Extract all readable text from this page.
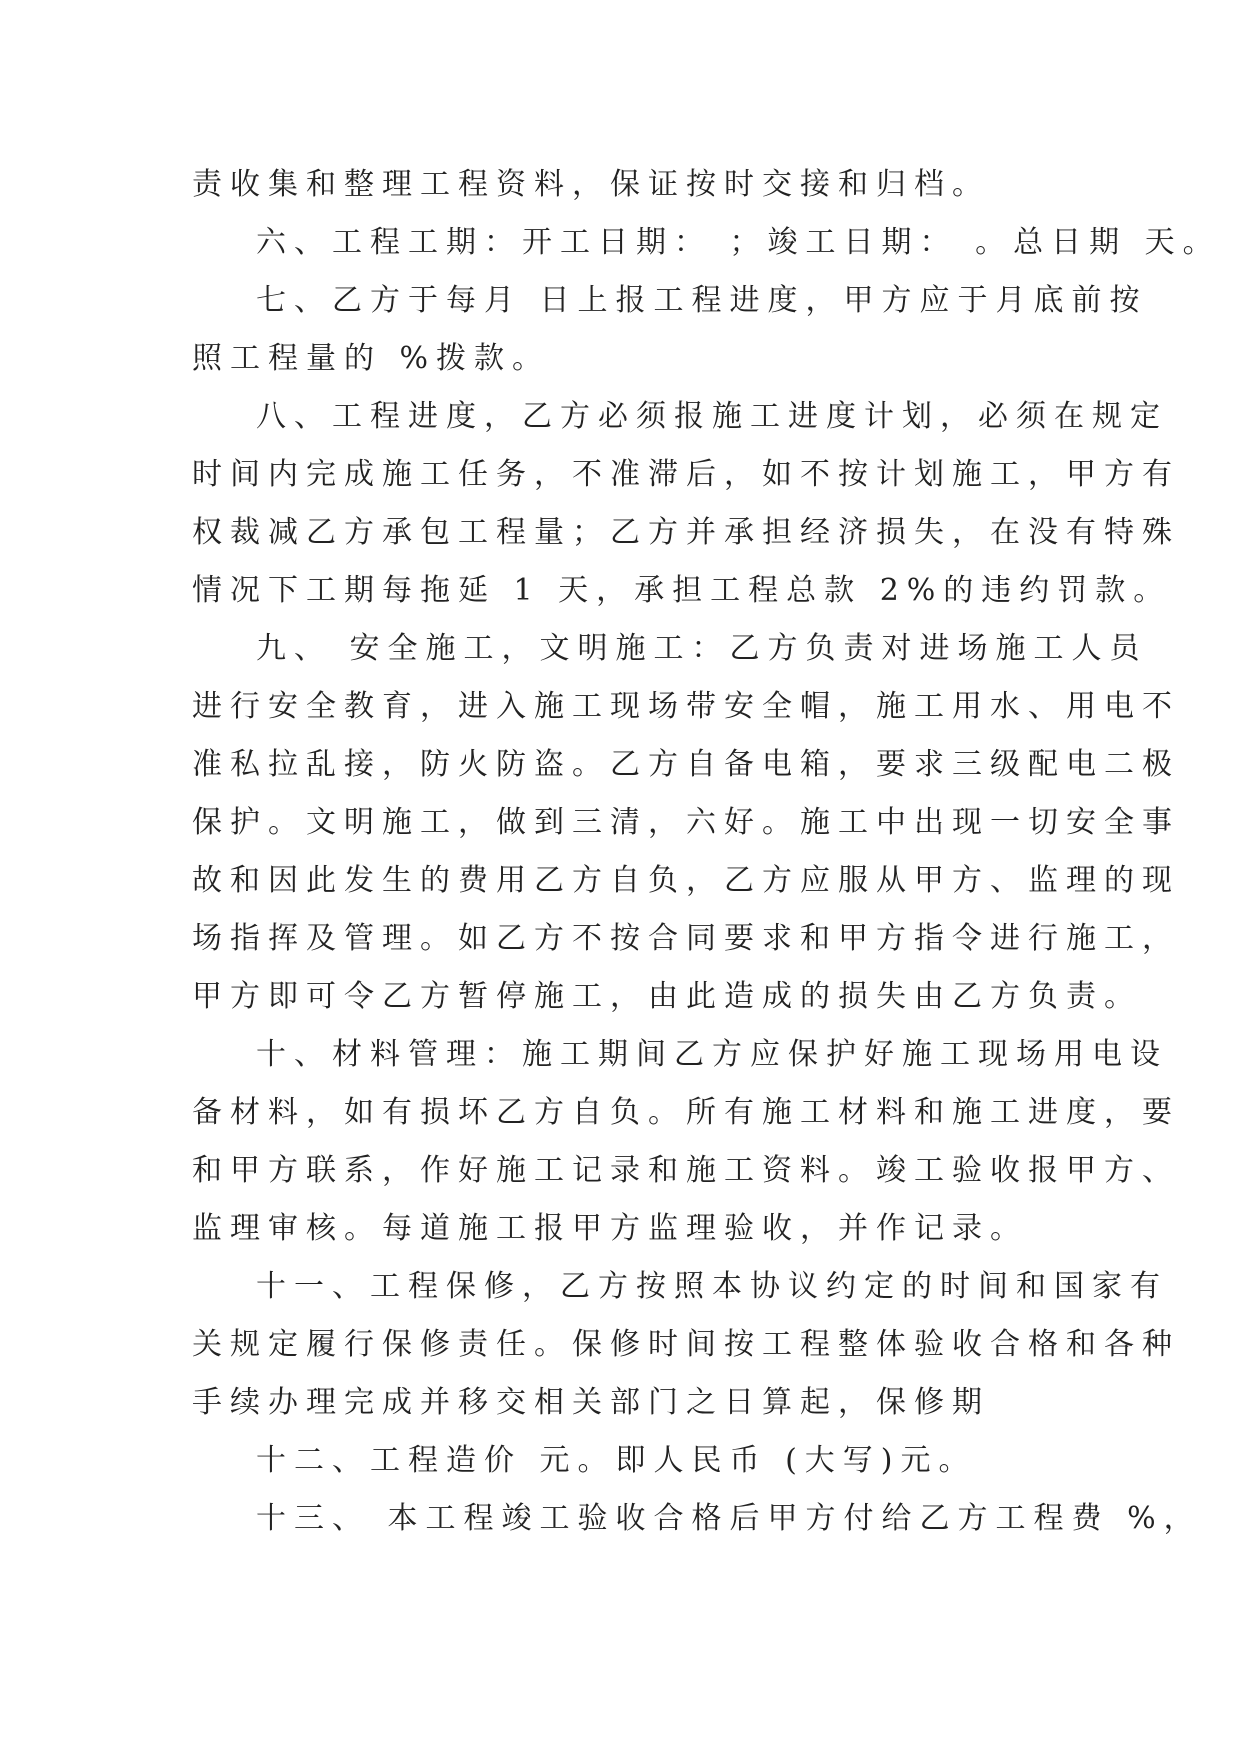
责收集和整理工程资料，保证按时交接和归档。
六、工程工期：开工日期： ；竣工日期： 。总日期 天。
七、乙方于每月 日上报工程进度，甲方应于月底前按
照工程量的 %拨款。
八、工程进度，乙方必须报施工进度计划，必须在规定
时间内完成施工任务，不准滞后，如不按计划施工，甲方有
权裁减乙方承包工程量；乙方并承担经济损失，在没有特殊
情况下工期每拖延 1 天，承担工程总款 2%的违约罚款。
九、 安全施工，文明施工：乙方负责对进场施工人员
进行安全教育，进入施工现场带安全帽，施工用水、用电不
准私拉乱接，防火防盗。乙方自备电箱，要求三级配电二极
保护。文明施工，做到三清，六好。施工中出现一切安全事
故和因此发生的费用乙方自负，乙方应服从甲方、监理的现
场指挥及管理。如乙方不按合同要求和甲方指令进行施工，
甲方即可令乙方暂停施工，由此造成的损失由乙方负责。
十、材料管理：施工期间乙方应保护好施工现场用电设
备材料，如有损坏乙方自负。所有施工材料和施工进度，要
和甲方联系，作好施工记录和施工资料。竣工验收报甲方、
监理审核。每道施工报甲方监理验收，并作记录。
十一、工程保修，乙方按照本协议约定的时间和国家有
关规定履行保修责任。保修时间按工程整体验收合格和各种
手续办理完成并移交相关部门之日算起，保修期
十二、工程造价 元。即人民币 (大写)元。
十三、 本工程竣工验收合格后甲方付给乙方工程费 %，
